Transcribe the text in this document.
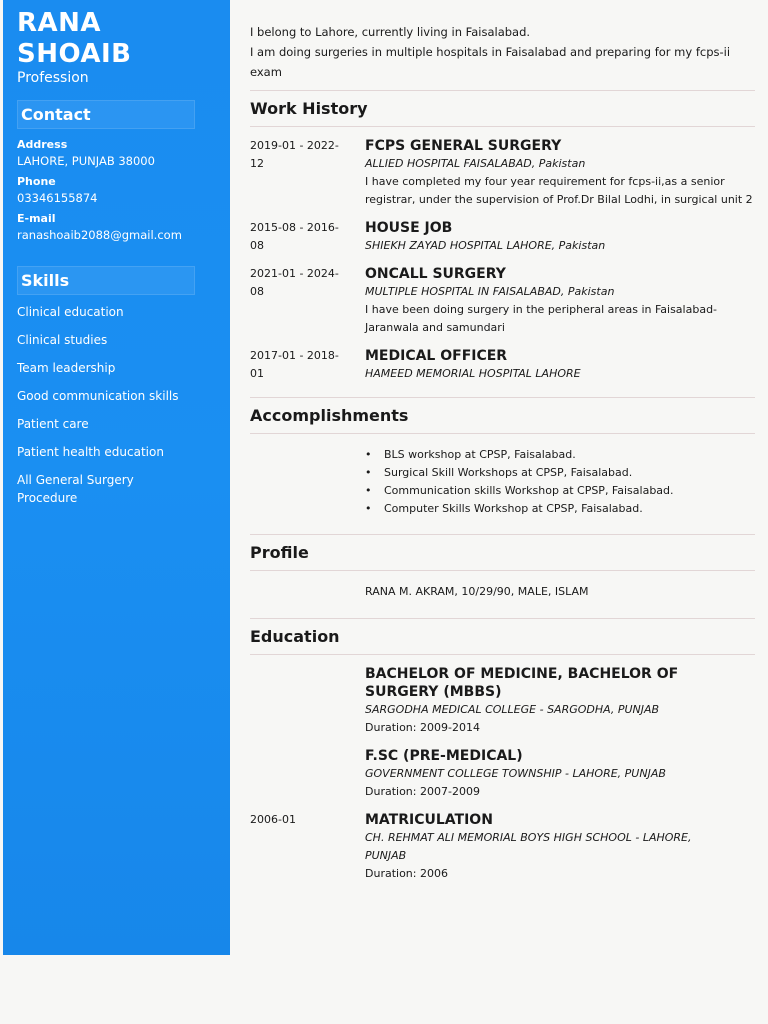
RANA
SHOAIB
Profession
Contact
Address
LAHORE, PUNJAB 38000
Phone
03346155874
E-mail
ranashoaib2088@gmail.com
Skills
Clinical education
Clinical studies
Team leadership
Good communication skills
Patient care
Patient health education
All General Surgery Procedure
I belong to Lahore, currently living in Faisalabad.
I am doing surgeries in multiple hospitals in Faisalabad and preparing for my fcps-ii exam
Work History
2019-01 - 2022-12
FCPS GENERAL SURGERY
ALLIED HOSPITAL FAISALABAD, Pakistan
I have completed my four year requirement for fcps-ii,as a senior registrar, under the supervision of Prof.Dr Bilal Lodhi, in surgical unit 2
2015-08 - 2016-08
HOUSE JOB
SHIEKH ZAYAD HOSPITAL LAHORE, Pakistan
2021-01 - 2024-08
ONCALL SURGERY
MULTIPLE HOSPITAL IN FAISALABAD, Pakistan
I have been doing surgery in the peripheral areas in Faisalabad-Jaranwala and samundari
2017-01 - 2018-01
MEDICAL OFFICER
HAMEED MEMORIAL HOSPITAL LAHORE
Accomplishments
• BLS workshop at CPSP, Faisalabad.
• Surgical Skill Workshops at CPSP, Faisalabad.
• Communication skills Workshop at CPSP, Faisalabad.
• Computer Skills Workshop at CPSP, Faisalabad.
Profile
RANA M. AKRAM, 10/29/90, MALE, ISLAM
Education
BACHELOR OF MEDICINE, BACHELOR OF SURGERY (MBBS)
SARGODHA MEDICAL COLLEGE - SARGODHA, PUNJAB
Duration: 2009-2014
F.SC (PRE-MEDICAL)
GOVERNMENT COLLEGE TOWNSHIP - LAHORE, PUNJAB
Duration: 2007-2009
2006-01	MATRICULATION
CH. REHMAT ALI MEMORIAL BOYS HIGH SCHOOL - LAHORE, PUNJAB
Duration: 2006
